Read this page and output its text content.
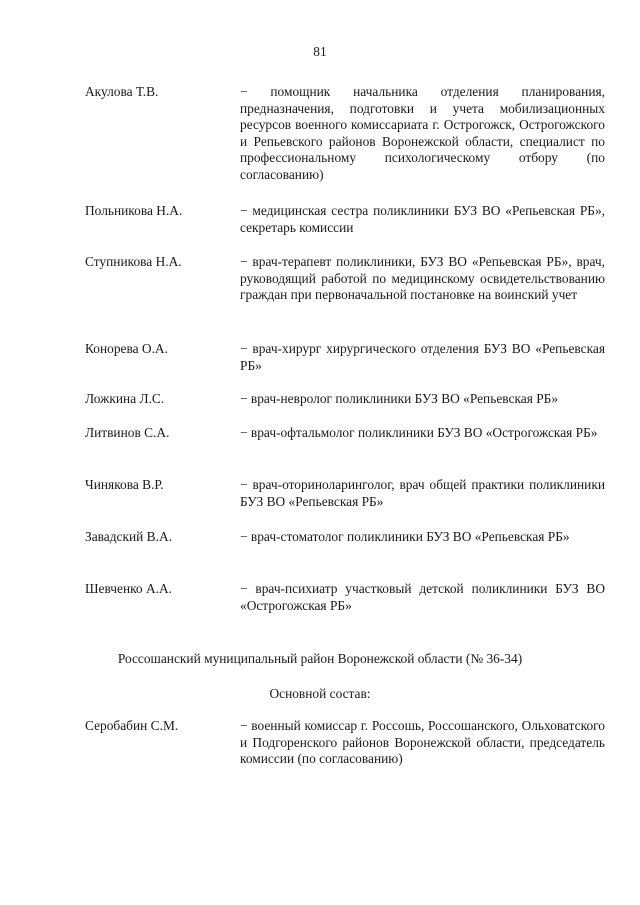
81
Акулова Т.В.	− помощник начальника отделения планирования, предназначения, подготовки и учета мобилизационных ресурсов военного комиссариата г. Острогожск, Острогожского и Репьевского районов Воронежской области, специалист по профессиональному психологическому отбору (по согласованию)
Польникова Н.А.	− медицинская сестра поликлиники БУЗ ВО «Репьевская РБ», секретарь комиссии
Ступникова Н.А.	− врач-терапевт поликлиники, БУЗ ВО «Репьевская РБ», врач, руководящий работой по медицинскому освидетельствованию граждан при первоначальной постановке на воинский учет
Конорева О.А.	− врач-хирург хирургического отделения БУЗ ВО «Репьевская РБ»
Ложкина Л.С.	− врач-невролог поликлиники БУЗ ВО «Репьевская РБ»
Литвинов С.А.	− врач-офтальмолог поликлиники БУЗ ВО «Острогожская РБ»
Чинякова В.Р.	− врач-оториноларинголог, врач общей практики поликлиники БУЗ ВО «Репьевская РБ»
Завадский В.А.	− врач-стоматолог поликлиники БУЗ ВО «Репьевская РБ»
Шевченко А.А.	− врач-психиатр участковый детской поликлиники БУЗ ВО «Острогожская РБ»
Россошанский муниципальный район Воронежской области (№ 36-34)
Основной состав:
Серобабин С.М.	− военный комиссар г. Россошь, Россошанского, Ольховатского и Подгоренского районов Воронежской области, председатель комиссии (по согласованию)
